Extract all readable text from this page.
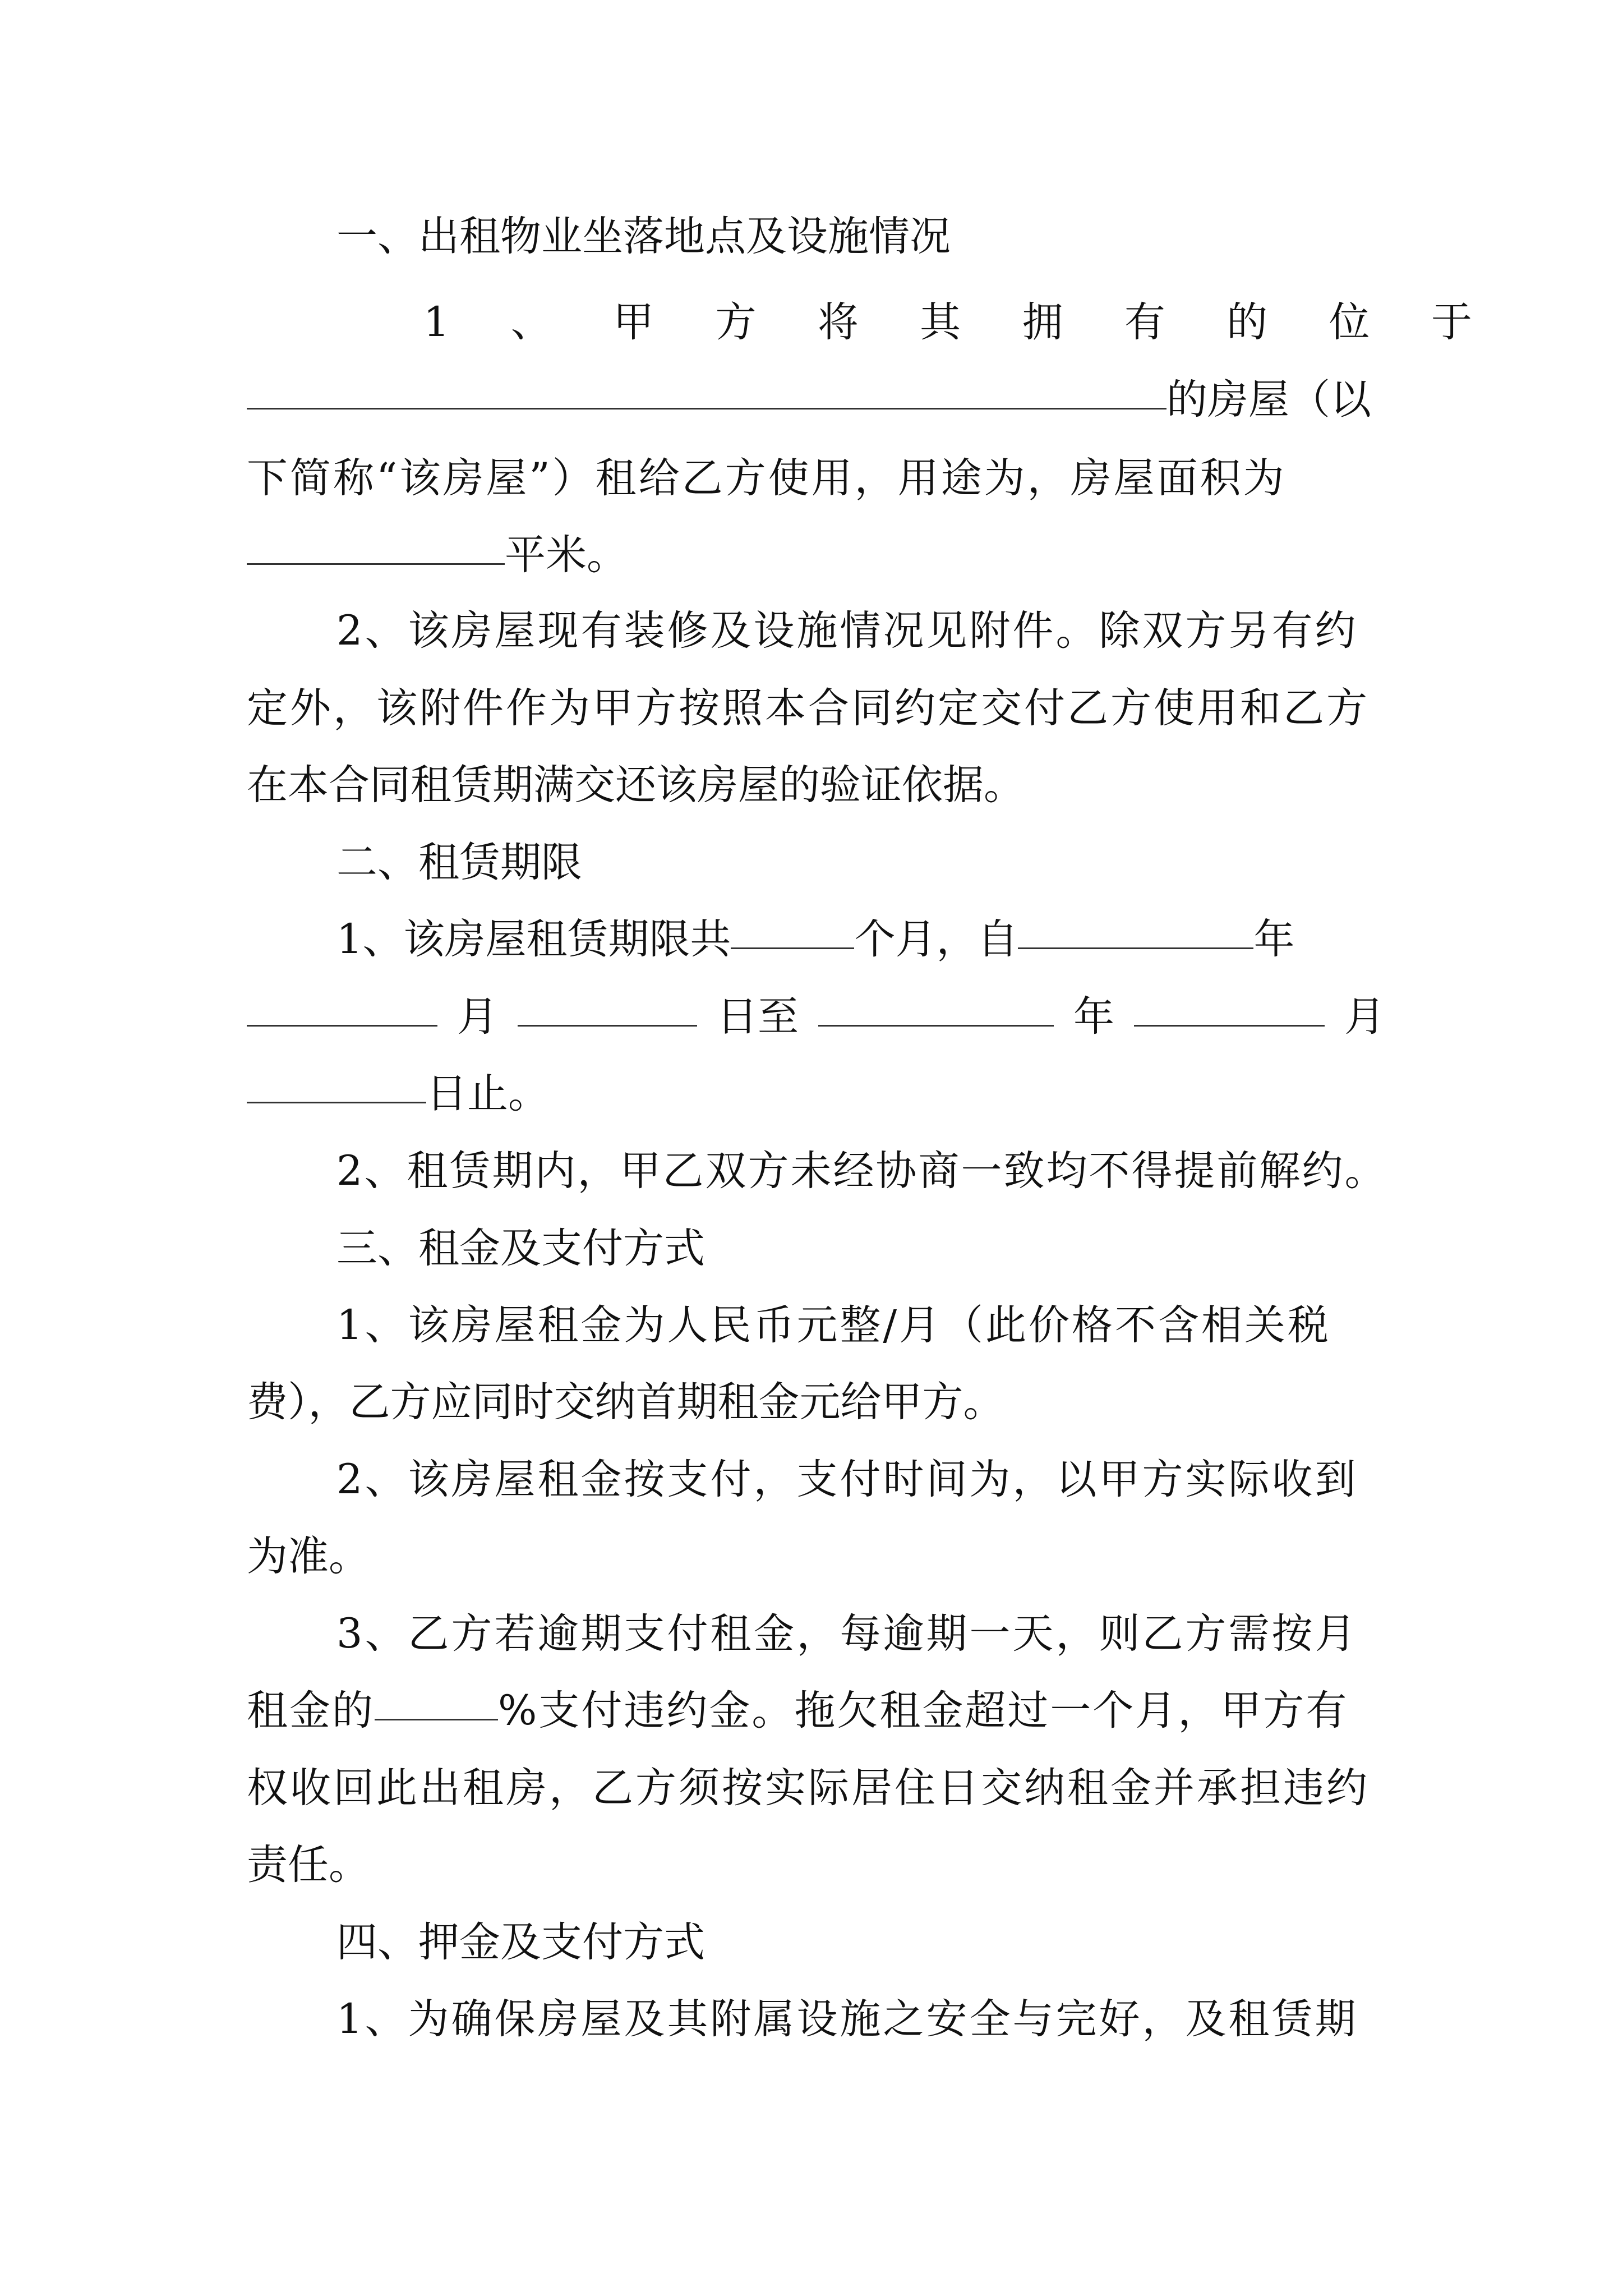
一、出租物业坐落地点及设施情况
1 、 甲 方 将 其 拥 有 的 位 于
的房屋（以
下简称“该房屋”）租给乙方使用，用途为，房屋面积为
平米。
2、该房屋现有装修及设施情况见附件。除双方另有约
定外，该附件作为甲方按照本合同约定交付乙方使用和乙方
在本合同租赁期满交还该房屋的验证依据。
二、租赁期限
1、该房屋租赁期限共	个月，自	年
月	日至	年	月
日止。
2、租赁期内，甲乙双方未经协商一致均不得提前解约。
三、租金及支付方式
1、该房屋租金为人民币元整/月（此价格不含相关税
费），乙方应同时交纳首期租金元给甲方。
2、该房屋租金按支付，支付时间为，以甲方实际收到
为准。
3、乙方若逾期支付租金，每逾期一天，则乙方需按月
租金的	%支付违约金。拖欠租金超过一个月，甲方有
权收回此出租房，乙方须按实际居住日交纳租金并承担违约
责任。
四、押金及支付方式
1、为确保房屋及其附属设施之安全与完好，及租赁期
